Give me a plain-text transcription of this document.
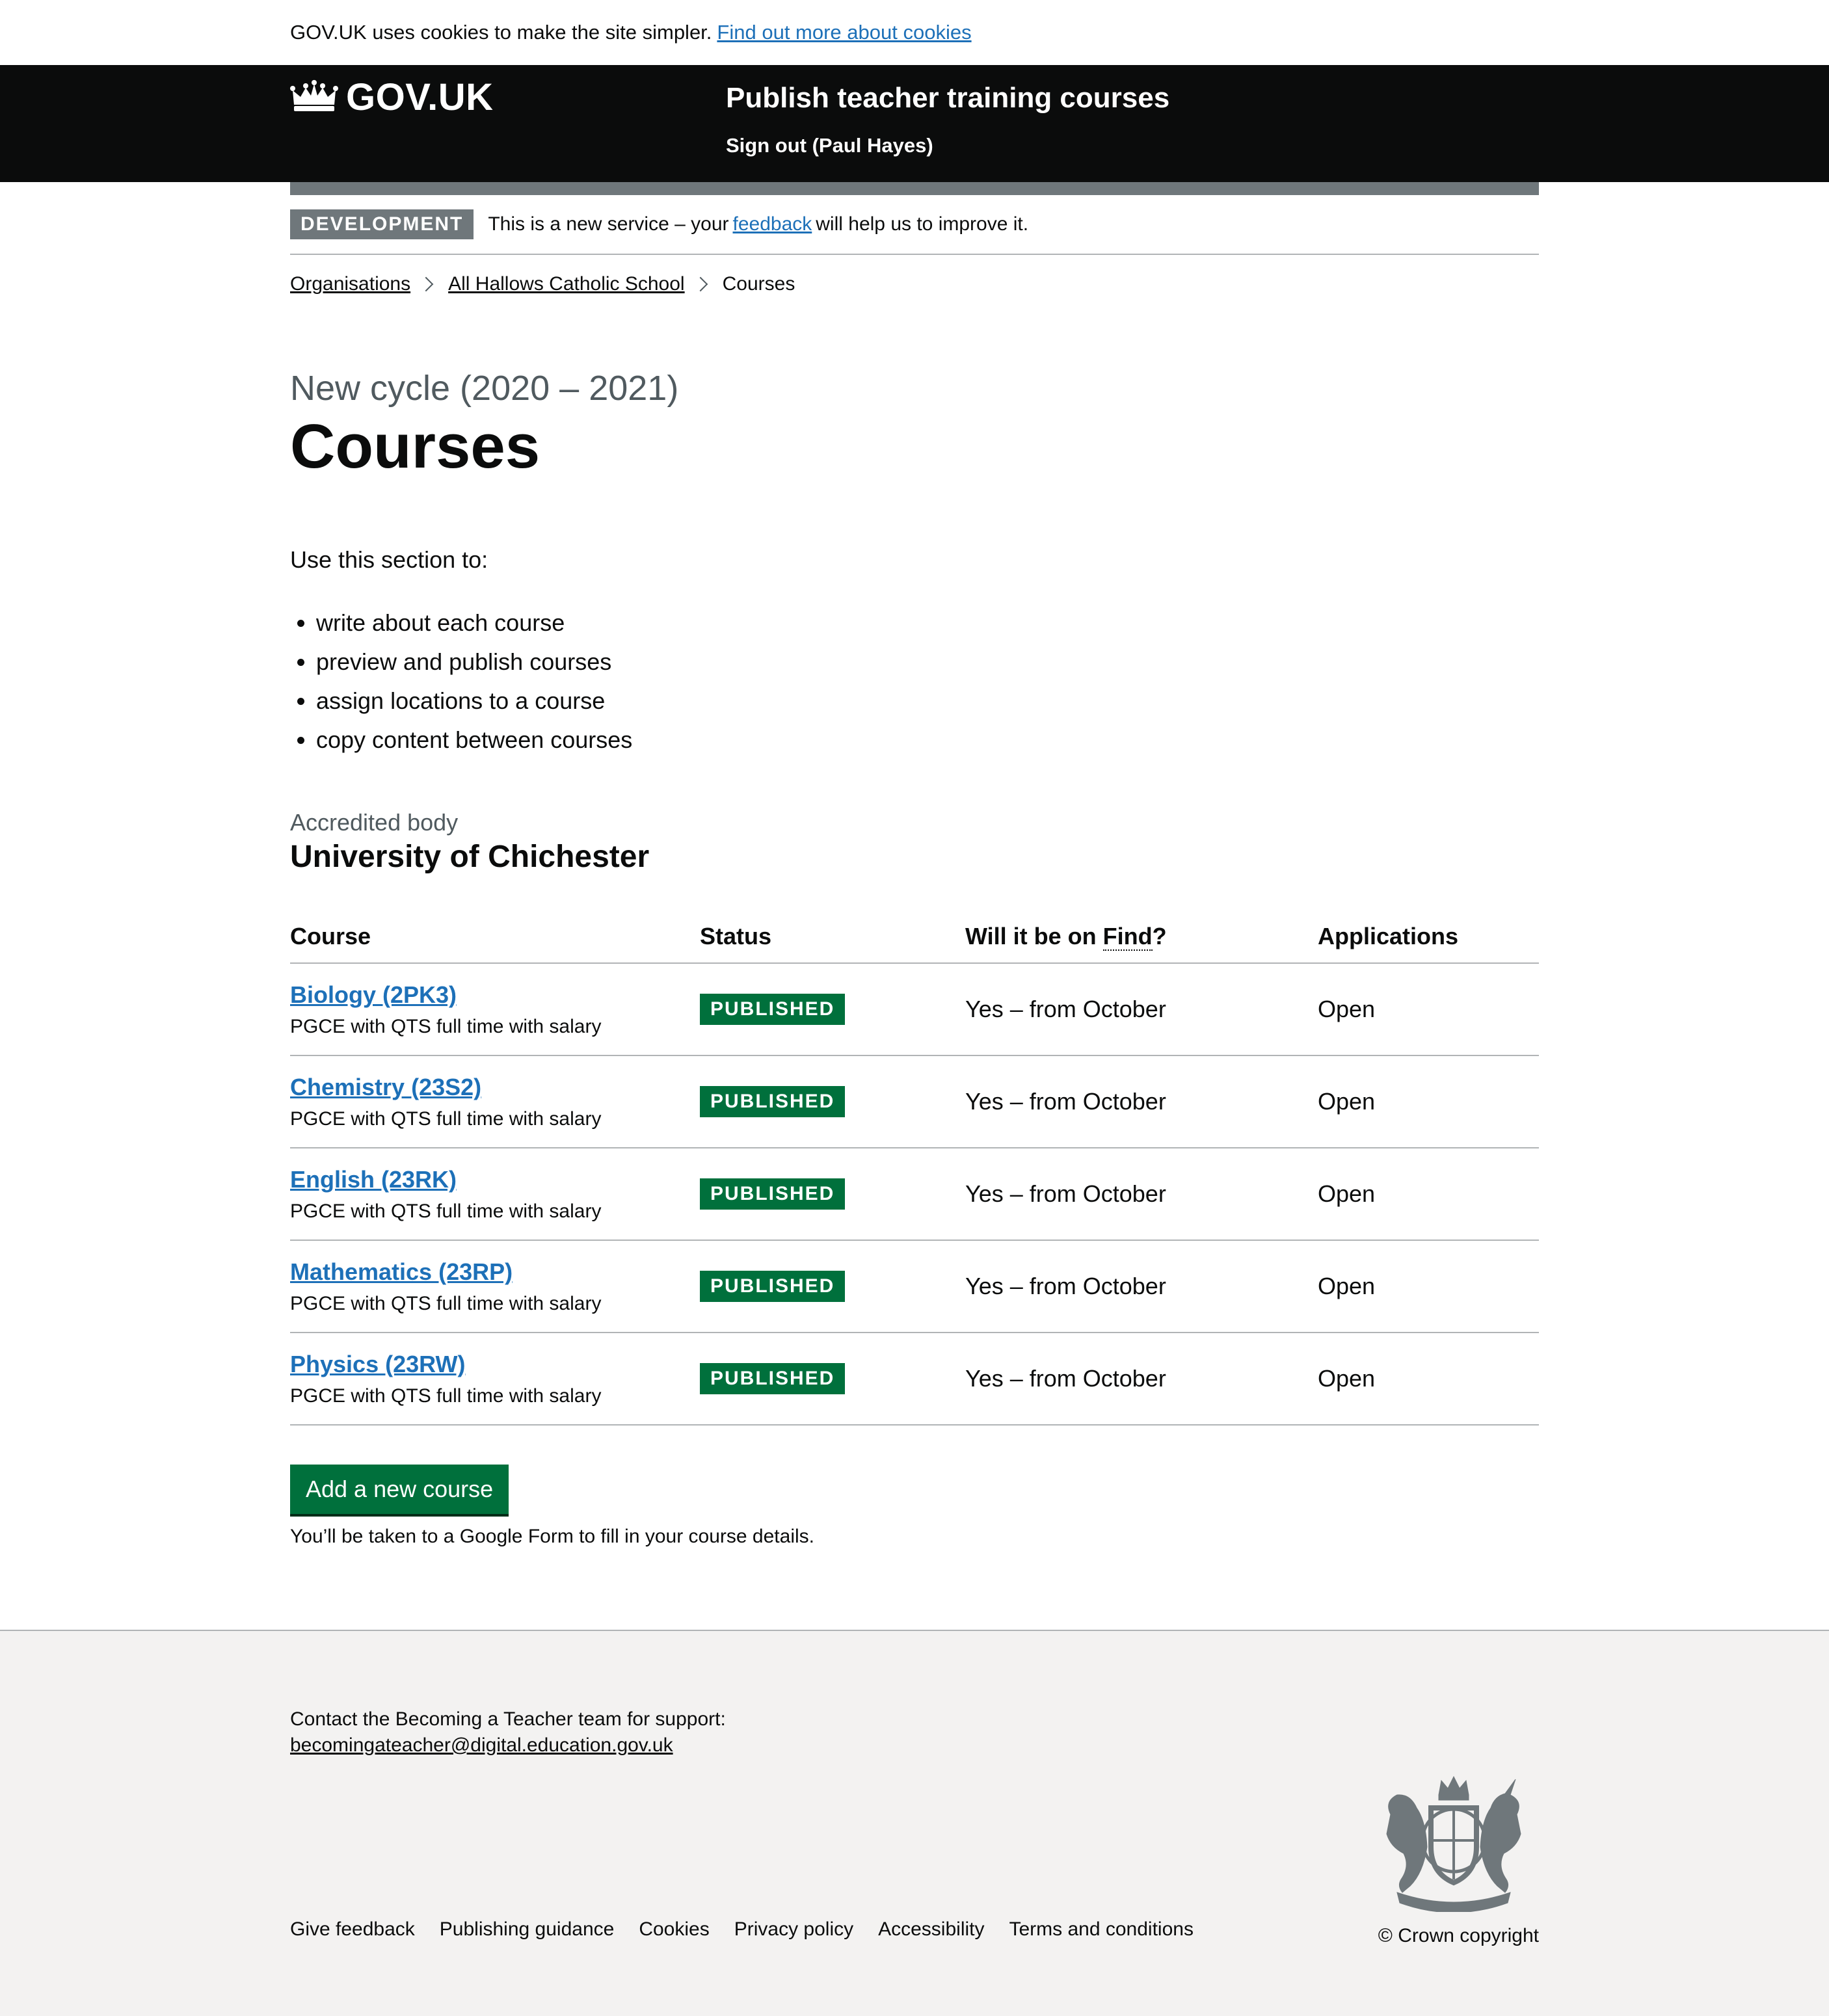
GOV.UK uses cookies to make the site simpler. Find out more about cookies
GOV.UK	Publish teacher training courses
Sign out (Paul Hayes)
DEVELOPMENT	This is a new service – your feedback will help us to improve it.
Organisations All Hallows Catholic School Courses
New cycle (2020 – 2021)
Courses

Use this section to:

• write about each course
• preview and publish courses
• assign locations to a course
• copy content between courses
Accredited body
University of Chichester
Course	Status	Will it be on Find?	Applications

Biology (2PK3)
PGCE with QTS full time with salary	PUBLISHED	Yes – from October	Open

Chemistry (23S2)
PGCE with QTS full time with salary	PUBLISHED	Yes – from October	Open

English (23RK)
PGCE with QTS full time with salary	PUBLISHED	Yes – from October	Open

Mathematics (23RP)
PGCE with QTS full time with salary	PUBLISHED	Yes – from October	Open

Physics (23RW)
PGCE with QTS full time with salary	PUBLISHED	Yes – from October	Open
Add a new course

You’ll be taken to a Google Form to fill in your course details.

Contact the Becoming a Teacher team for support:
becomingateacher@digital.education.gov.uk
Give feedback Publishing guidance Cookies Privacy policy Accessibility Terms and conditions	© Crown copyright
